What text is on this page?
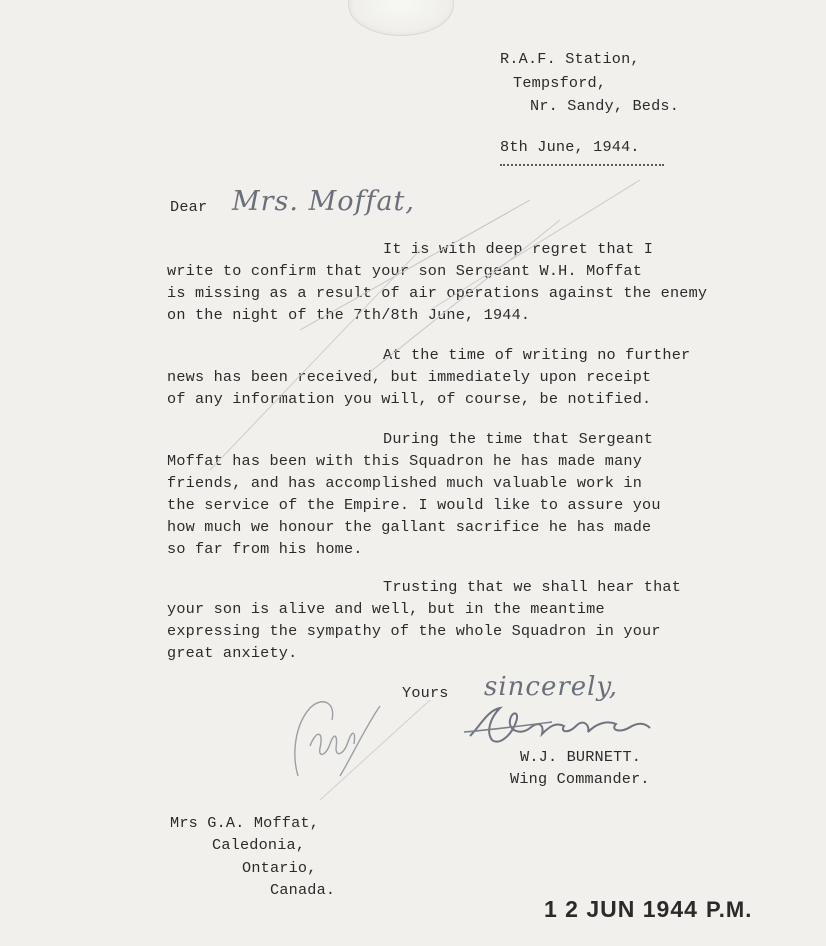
R.A.F. Station,
Tempsford,
Nr. Sandy, Beds.
8th June, 1944.
Dear Mrs. Moffat,
It is with deep regret that I
write to confirm that your son Sergeant W.H. Moffat
is missing as a result of air operations against the enemy
on the night of the 7th/8th June, 1944.
At the time of writing no further
news has been received, but immediately upon receipt
of any information you will, of course, be notified.
During the time that Sergeant
Moffat has been with this Squadron he has made many
friends, and has accomplished much valuable work in
the service of the Empire. I would like to assure you
how much we honour the gallant sacrifice he has made
so far from his home.
Trusting that we shall hear that
your son is alive and well, but in the meantime
expressing the sympathy of the whole Squadron in your
great anxiety.
Yours sincerely,
W.J. BURNETT.
Wing Commander.
Mrs G.A. Moffat,
Caledonia,
Ontario,
Canada.
1 2 JUN 1944 P.M.
